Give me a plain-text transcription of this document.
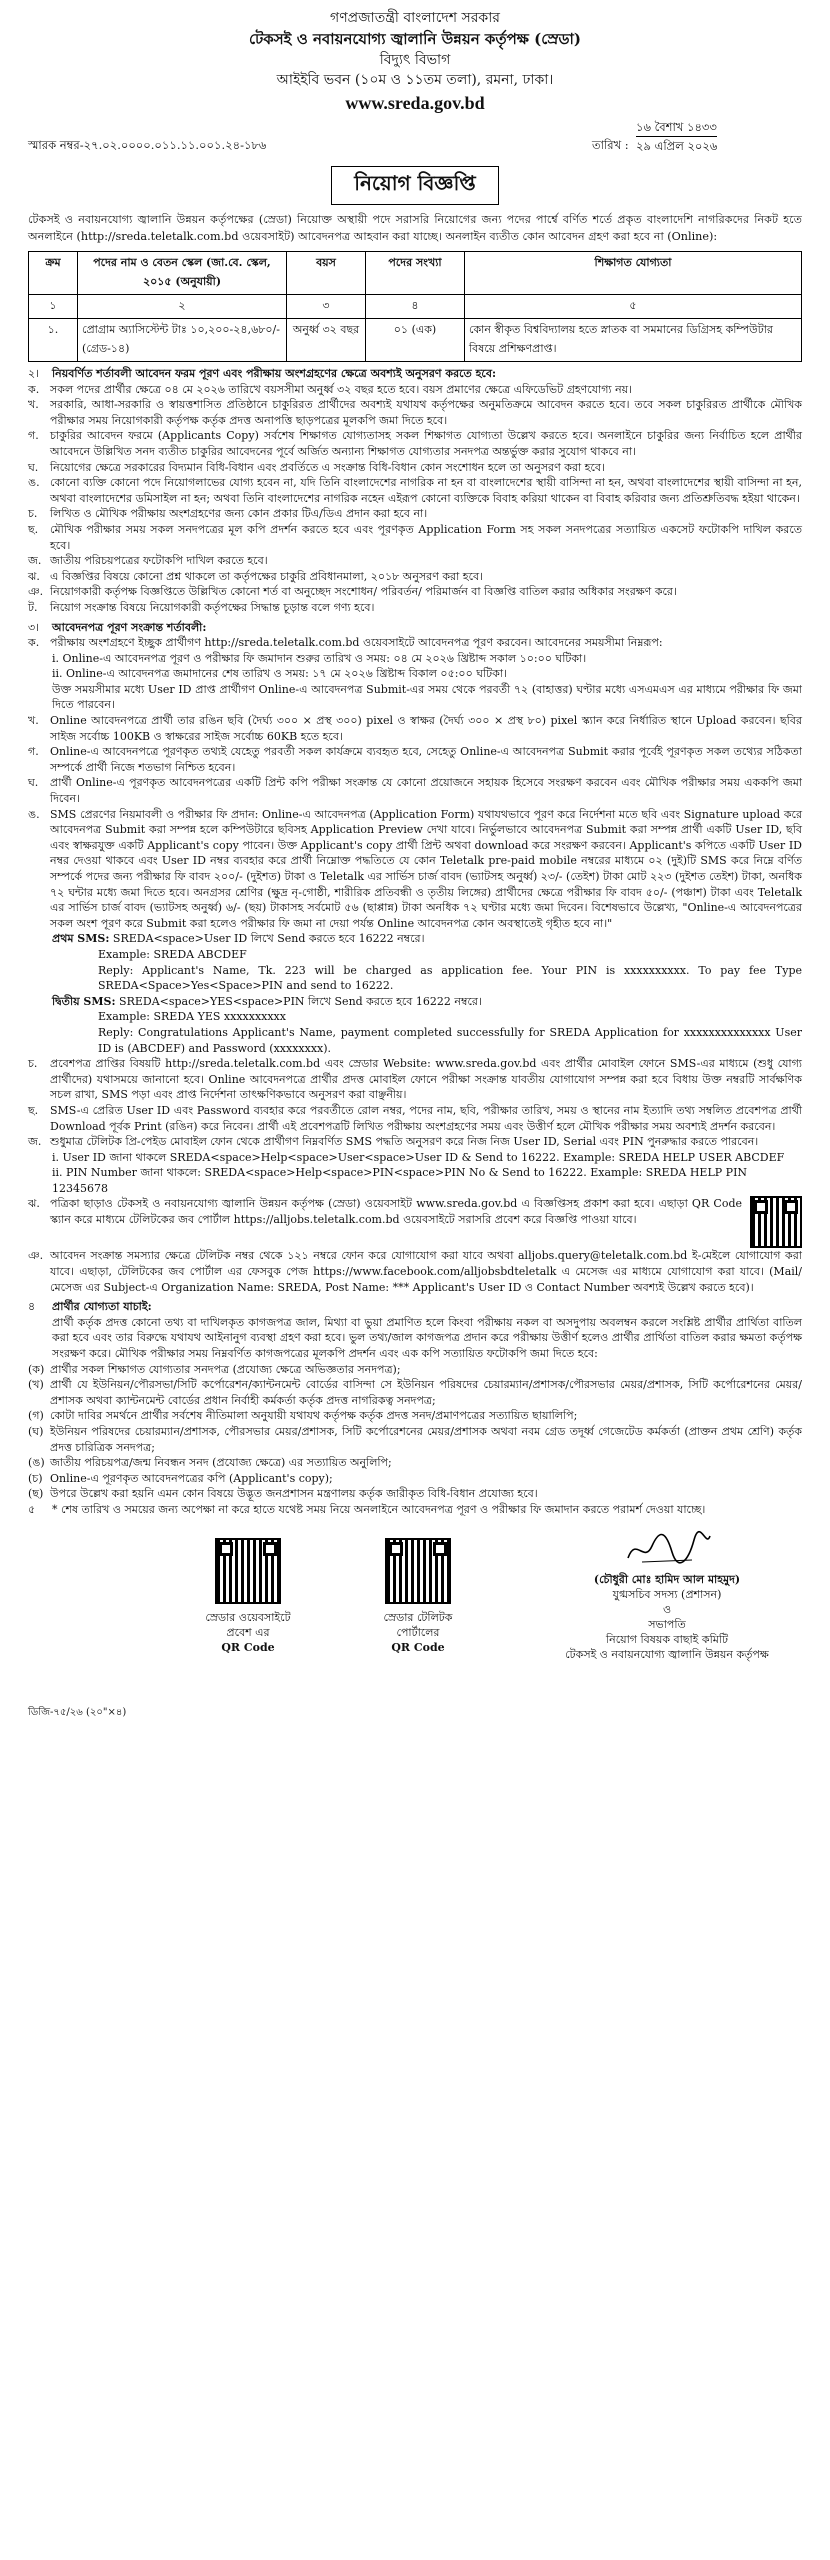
গণপ্রজাতন্ত্রী বাংলাদেশ সরকার
টেকসই ও নবায়নযোগ্য জ্বালানি উন্নয়ন কর্তৃপক্ষ (স্রেডা)
বিদ্যুৎ বিভাগ
আইইবি ভবন (১০ম ও ১১তম তলা), রমনা, ঢাকা।
www.sreda.gov.bd
স্মারক নম্বর-২৭.০২.০০০০.০১১.১১.০০১.২৪-১৮৬
১৬ বৈশাখ ১৪৩৩
তারিখ : ২৯ এপ্রিল ২০২৬
নিয়োগ বিজ্ঞপ্তি
টেকসই ও নবায়নযোগ্য জ্বালানি উন্নয়ন কর্তৃপক্ষের (স্রেডা) নিয়োক্ত অস্থায়ী পদে সরাসরি নিয়োগের জন্য পদের পার্শ্বে বর্ণিত শর্তে প্রকৃত বাংলাদেশি নাগরিকদের নিকট হতে অনলাইনে (http://sreda.teletalk.com.bd ওয়েবসাইট) আবেদনপত্র আহবান করা যাচ্ছে। অনলাইন ব্যতীত কোন আবেদন গ্রহণ করা হবে না (Online):
ক্রম	পদের নাম ও বেতন স্কেল (জা.বে. স্কেল, ২০১৫ (অনুযায়ী)	বয়স	পদের সংখ্যা	শিক্ষাগত যোগ্যতা
১	২	৩	৪	৫
১.	প্রোগ্রাম অ্যাসিস্টেন্ট টাঃ ১০,২০০-২৪,৬৮০/- (গ্রেড-১৪)	অনুর্ধ্ব ৩২ বছর	০১ (এক)	কোন স্বীকৃত বিশ্ববিদ্যালয় হতে স্নাতক বা সমমানের ডিগ্রিসহ কম্পিউটার বিষয়ে প্রশিক্ষণপ্রাপ্ত।
২।	নিয়বর্ণিত শর্তাবলী আবেদন ফরম পূরণ এবং পরীক্ষায় অংশগ্রহণের ক্ষেত্রে অবশ্যই অনুসরণ করতে হবে:
ক. সকল পদের প্রার্থীর ক্ষেত্রে ০৪ মে ২০২৬ তারিখে বয়সসীমা অনুর্ধ্ব ৩২ বছর হতে হবে। বয়স প্রমাণের ক্ষেত্রে এফিডেভিট গ্রহণযোগ্য নয়।
খ.	সরকারি, আধা-সরকারি ও স্বায়ত্তশাসিত প্রতিষ্ঠানে চাকুরিরত প্রার্থীদের অবশ্যই যথাযথ কর্তৃপক্ষের অনুমতিক্রমে আবেদন করতে হবে। তবে সকল চাকুরিরত প্রার্থীকে মৌখিক পরীক্ষার সময় নিয়োগকারী কর্তৃপক্ষ কর্তৃক প্রদত্ত অনাপত্তি ছাড়পত্রের মূলকপি জমা দিতে হবে।
গ.	চাকুরির আবেদন ফরমে (Applicants Copy) সর্বশেষ শিক্ষাগত যোগ্যতাসহ সকল শিক্ষাগত যোগ্যতা উল্লেখ করতে হবে। অনলাইনে চাকুরির জন্য নির্বাচিত হলে প্রার্থীর আবেদনে উল্লিখিত সনদ ব্যতীত চাকুরির আবেদনের পূর্বে অর্জিত অন্যান্য শিক্ষাগত যোগ্যতার সনদপত্র অন্তর্ভুক্ত করার সুযোগ থাকবে না।
ঘ.	নিয়োগের ক্ষেত্রে সরকারের বিদ্যমান বিধি-বিধান এবং প্রবর্তিতে এ সংক্রান্ত বিধি-বিধান কোন সংশোধন হলে তা অনুসরণ করা হবে।
ঙ. কোনো ব্যক্তি কোনো পদে নিয়োগলাভের যোগ্য হবেন না, যদি তিনি বাংলাদেশের নাগরিক না হন বা বাংলাদেশের স্থায়ী বাসিন্দা না হন, অথবা বাংলাদেশের স্থায়ী বাসিন্দা না হন, অথবা বাংলাদেশের ডমিসাইল না হন; অথবা তিনি বাংলাদেশের নাগরিক নহেন এইরূপ কোনো ব্যক্তিকে বিবাহ করিয়া থাকেন বা বিবাহ করিবার জন্য প্রতিশ্রুতিবদ্ধ হইয়া থাকেন।
চ.	লিখিত ও মৌখিক পরীক্ষায় অংশগ্রহণের জন্য কোন প্রকার টিএ/ডিএ প্রদান করা হবে না।
ছ.	মৌখিক পরীক্ষার সময় সকল সনদপত্রের মূল কপি প্রদর্শন করতে হবে এবং পূরণকৃত Application Form সহ সকল সনদপত্রের সত্যায়িত একসেট ফটোকপি দাখিল করতে হবে।
জ. জাতীয় পরিচয়পত্রের ফটোকপি দাখিল করতে হবে।
ঝ. এ বিজ্ঞপ্তির বিষয়ে কোনো প্রশ্ন থাকলে তা কর্তৃপক্ষের চাকুরি প্রবিধানমালা, ২০১৮ অনুসরণ করা হবে।
ঞ. নিয়োগকারী কর্তৃপক্ষ বিজ্ঞপ্তিতে উল্লিখিত কোনো শর্ত বা অনুচ্ছেদ সংশোধন/ পরিবর্তন/ পরিমার্জন বা বিজ্ঞপ্তি বাতিল করার অধিকার সংরক্ষণ করে।
ট.	নিয়োগ সংক্রান্ত বিষয়ে নিয়োগকারী কর্তৃপক্ষের সিদ্ধান্ত চূড়ান্ত বলে গণ্য হবে।
৩।	আবেদনপত্র পূরণ সংক্রান্ত শর্তাবলী:
ক. পরীক্ষায় অংশগ্রহণে ইচ্ছুক প্রার্থীগণ http://sreda.teletalk.com.bd ওয়েবসাইটে আবেদনপত্র পূরণ করবেন। আবেদনের সময়সীমা নিম্নরূপ:
i. Online-এ আবেদনপত্র পূরণ ও পরীক্ষার ফি জমাদান শুরুর তারিখ ও সময়: ০৪ মে ২০২৬ খ্রিষ্টাব্দ সকাল ১০:০০ ঘটিকা।
ii. Online-এ আবেদনপত্র জমাদানের শেষ তারিখ ও সময়: ১৭ মে ২০২৬ খ্রিষ্টাব্দ বিকাল ০৫:০০ ঘটিকা।
উক্ত সময়সীমার মধ্যে User ID প্রাপ্ত প্রার্থীগণ Online-এ আবেদনপত্র Submit-এর সময় থেকে পরবর্তী ৭২ (বাহাত্তর) ঘণ্টার মধ্যে এসএমএস এর মাধ্যমে পরীক্ষার ফি জমা দিতে পারবেন।
খ.	Online আবেদনপত্রে প্রার্থী তার রঙিন ছবি (দৈর্ঘ্য ৩০০ × প্রস্থ ৩০০) pixel ও স্বাক্ষর (দৈর্ঘ্য ৩০০ × প্রস্থ ৮০) pixel স্ক্যান করে নির্ধারিত স্থানে Upload করবেন। ছবির সাইজ সর্বোচ্চ 100KB ও স্বাক্ষরের সাইজ সর্বোচ্চ 60KB হতে হবে।
গ.	Online-এ আবেদনপত্রে পূরণকৃত তথ্যই যেহেতু পরবর্তী সকল কার্যক্রমে ব্যবহৃত হবে, সেহেতু Online-এ আবেদনপত্র Submit করার পূর্বেই পূরণকৃত সকল তথ্যের সঠিকতা সম্পর্কে প্রার্থী নিজে শতভাগ নিশ্চিত হবেন।
ঘ.	প্রার্থী Online-এ পূরণকৃত আবেদনপত্রের একটি প্রিন্ট কপি পরীক্ষা সংক্রান্ত যে কোনো প্রয়োজনে সহায়ক হিসেবে সংরক্ষণ করবেন এবং মৌখিক পরীক্ষার সময় এককপি জমা দিবেন।
ঙ. SMS প্রেরণের নিয়মাবলী ও পরীক্ষার ফি প্রদান: Online-এ আবেদনপত্র (Application Form) যথাযথভাবে পূরণ করে নির্দেশনা মতে ছবি এবং Signature upload করে আবেদনপত্র Submit করা সম্পন্ন হলে কম্পিউটারে ছবিসহ Application Preview দেখা যাবে। নির্ভুলভাবে আবেদনপত্র Submit করা সম্পন্ন প্রার্থী একটি User ID, ছবি এবং স্বাক্ষরযুক্ত একটি Applicant's copy পাবেন। উক্ত Applicant's copy প্রার্থী প্রিন্ট অথবা download করে সংরক্ষণ করবেন। Applicant's কপিতে একটি User ID নম্বর দেওয়া থাকবে এবং User ID নম্বর ব্যবহার করে প্রার্থী নিম্নোক্ত পদ্ধতিতে যে কোন Teletalk pre-paid mobile নম্বরের মাধ্যমে ০২ (দুই)টি SMS করে নিম্নে বর্ণিত সম্পর্কে পদের জন্য পরীক্ষার ফি বাবদ ২০০/- (দুইশত) টাকা ও Teletalk এর সার্ভিস চার্জ বাবদ (ভ্যাটসহ অনুর্ধ্ব) ২৩/- (তেইশ) টাকা মোট ২২৩ (দুইশত তেইশ) টাকা, অনধিক ৭২ ঘন্টার মধ্যে জমা দিতে হবে। অনগ্রসর শ্রেণির (ক্ষুদ্র নৃ-গোষ্ঠী, শারীরিক প্রতিবন্ধী ও তৃতীয় লিঙ্গের) প্রার্থীদের ক্ষেত্রে পরীক্ষার ফি বাবদ ৫০/- (পঞ্চাশ) টাকা এবং Teletalk এর সার্ভিস চার্জ বাবদ (ভ্যাটসহ অনুর্ধ্ব) ৬/- (ছয়) টাকাসহ সর্বমোট ৫৬ (ছাপ্পান্ন) টাকা অনধিক ৭২ ঘণ্টার মধ্যে জমা দিবেন। বিশেষভাবে উল্লেখ্য, "Online-এ আবেদনপত্রের সকল অংশ পূরণ করে Submit করা হলেও পরীক্ষার ফি জমা না দেয়া পর্যন্ত Online আবেদনপত্র কোন অবস্থাতেই গৃহীত হবে না।"
প্রথম SMS: SREDA<space>User ID লিখে Send করতে হবে 16222 নম্বরে।
Example: SREDA ABCDEF
Reply: Applicant's Name, Tk. 223 will be charged as application fee. Your PIN is xxxxxxxxxx. To pay fee Type SREDA<Space>Yes<Space>PIN and send to 16222.
দ্বিতীয় SMS: SREDA<space>YES<space>PIN লিখে Send করতে হবে 16222 নম্বরে।
Example: SREDA YES xxxxxxxxxx
Reply: Congratulations Applicant's Name, payment completed successfully for SREDA Application for xxxxxxxxxxxxxx User ID is (ABCDEF) and Password (xxxxxxxx).
চ.	প্রবেশপত্র প্রাপ্তির বিষয়টি http://sreda.teletalk.com.bd এবং স্রেডার Website: www.sreda.gov.bd এবং প্রার্থীর মোবাইল ফোনে SMS-এর মাধ্যমে (শুধু যোগ্য প্রার্থীদের) যথাসময়ে জানানো হবে। Online আবেদনপত্রে প্রার্থীর প্রদত্ত মোবাইল ফোনে পরীক্ষা সংক্রান্ত যাবতীয় যোগাযোগ সম্পন্ন করা হবে বিধায় উক্ত নম্বরটি সার্বক্ষণিক সচল রাখা, SMS পড়া এবং প্রাপ্ত নির্দেশনা তাৎক্ষণিকভাবে অনুসরণ করা বাঞ্ছনীয়।
ছ.	SMS-এ প্রেরিত User ID এবং Password ব্যবহার করে পরবর্তীতে রোল নম্বর, পদের নাম, ছবি, পরীক্ষার তারিখ, সময় ও স্থানের নাম ইত্যাদি তথ্য সম্বলিত প্রবেশপত্র প্রার্থী Download পূর্বক Print (রঙিন) করে নিবেন। প্রার্থী এই প্রবেশপত্রটি লিখিত পরীক্ষায় অংশগ্রহণের সময় এবং উত্তীর্ণ হলে মৌখিক পরীক্ষার সময় অবশ্যই প্রদর্শন করবেন।
জ. শুধুমাত্র টেলিটক প্রি-পেইড মোবাইল ফোন থেকে প্রার্থীগণ নিম্নবর্ণিত SMS পদ্ধতি অনুসরণ করে নিজ নিজ User ID, Serial এবং PIN পুনরুদ্ধার করতে পারবেন।
i. User ID জানা থাকলে SREDA<space>Help<space>User<space>User ID & Send to 16222. Example: SREDA HELP USER ABCDEF
ii. PIN Number জানা থাকলে: SREDA<space>Help<space>PIN<space>PIN No & Send to 16222. Example: SREDA HELP PIN 12345678
ঝ. পত্রিকা ছাড়াও টেকসই ও নবায়নযোগ্য জ্বালানি উন্নয়ন কর্তৃপক্ষ (স্রেডা) ওয়েবসাইট www.sreda.gov.bd এ বিজ্ঞপ্তিসহ প্রকাশ করা হবে। এছাড়া QR Code স্ক্যান করে মাধ্যমে টেলিটকের জব পোর্টাল https://alljobs.teletalk.com.bd ওয়েবসাইটে সরাসরি প্রবেশ করে বিজ্ঞপ্তি পাওয়া যাবে।
ঞ. আবেদন সংক্রান্ত সমস্যার ক্ষেত্রে টেলিটক নম্বর থেকে ১২১ নম্বরে ফোন করে যোগাযোগ করা যাবে অথবা alljobs.query@teletalk.com.bd ই-মেইলে যোগাযোগ করা যাবে। এছাড়া, টেলিটকের জব পোর্টাল এর ফেসবুক পেজ https://www.facebook.com/alljobsbdteletalk এ মেসেজ এর মাধ্যমে যোগাযোগ করা যাবে। (Mail/ মেসেজ এর Subject-এ Organization Name: SREDA, Post Name: *** Applicant's User ID ও Contact Number অবশ্যই উল্লেখ করতে হবে)।
৪	প্রার্থীর যোগ্যতা যাচাই:
প্রার্থী কর্তৃক প্রদত্ত কোনো তথ্য বা দাখিলকৃত কাগজপত্র জাল, মিথ্যা বা ভুয়া প্রমাণিত হলে কিংবা পরীক্ষায় নকল বা অসদুপায় অবলম্বন করলে সংশ্লিষ্ট প্রার্থীর প্রার্থিতা বাতিল করা হবে এবং তার বিরুদ্ধে যথাযথ আইনানুগ ব্যবস্থা গ্রহণ করা হবে। ভুল তথ্য/জাল কাগজপত্র প্রদান করে পরীক্ষায় উত্তীর্ণ হলেও প্রার্থীর প্রার্থিতা বাতিল করার ক্ষমতা কর্তৃপক্ষ সংরক্ষণ করে। মৌখিক পরীক্ষার সময় নিম্নবর্ণিত কাগজপত্রের মূলকপি প্রদর্শন এবং এক কপি সত্যায়িত ফটোকপি জমা দিতে হবে:
(ক) প্রার্থীর সকল শিক্ষাগত যোগ্যতার সনদপত্র (প্রযোজ্য ক্ষেত্রে অভিজ্ঞতার সনদপত্র);
(খ) প্রার্থী যে ইউনিয়ন/পৌরসভা/সিটি কর্পোরেশন/ক্যান্টনমেন্ট বোর্ডের বাসিন্দা সে ইউনিয়ন পরিষদের চেয়ারম্যান/প্রশাসক/পৌরসভার মেয়র/প্রশাসক, সিটি কর্পোরেশনের মেয়র/প্রশাসক অথবা ক্যান্টনমেন্ট বোর্ডের প্রধান নির্বাহী কর্মকর্তা কর্তৃক প্রদত্ত নাগরিকত্ব সনদপত্র;
(গ) কোটা দাবির সমর্থনে প্রার্থীর সর্বশেষ নীতিমালা অনুযায়ী যথাযথ কর্তৃপক্ষ কর্তৃক প্রদত্ত সনদ/প্রমাণপত্রের সত্যায়িত ছায়ালিপি;
(ঘ) ইউনিয়ন পরিষদের চেয়ারম্যান/প্রশাসক, পৌরসভার মেয়র/প্রশাসক, সিটি কর্পোরেশনের মেয়র/প্রশাসক অথবা নবম গ্রেড তদূর্ধ্ব গেজেটেড কর্মকর্তা (প্রাক্তন প্রথম শ্রেণি) কর্তৃক প্রদত্ত চারিত্রিক সনদপত্র;
(ঙ) জাতীয় পরিচয়পত্র/জন্ম নিবন্ধন সনদ (প্রযোজ্য ক্ষেত্রে) এর সত্যায়িত অনুলিপি;
(চ) Online-এ পূরণকৃত আবেদনপত্রের কপি (Applicant's copy);
(ছ) উপরে উল্লেখ করা হয়নি এমন কোন বিষয়ে উদ্ভূত জনপ্রশাসন মন্ত্রণালয় কর্তৃক জারীকৃত বিধি-বিধান প্রযোজ্য হবে।
৫	* শেষ তারিখ ও সময়ের জন্য অপেক্ষা না করে হাতে যথেষ্ট সময় নিয়ে অনলাইনে আবেদনপত্র পূরণ ও পরীক্ষার ফি জমাদান করতে পরামর্শ দেওয়া যাচ্ছে।
স্রেডার ওয়েবসাইটে
প্রবেশ এর
QR Code
স্রেডার টেলিটক
পোর্টালের
QR Code
(চৌধুরী মোঃ হামিদ আল মাহমুদ)
যুগ্মসচিব সদস্য (প্রশাসন)
ও
সভাপতি
নিয়োগ বিষয়ক বাছাই কমিটি
টেকসই ও নবায়নযোগ্য জ্বালানি উন্নয়ন কর্তৃপক্ষ
ডিজি-৭৫/২৬ (২০"×৪)
